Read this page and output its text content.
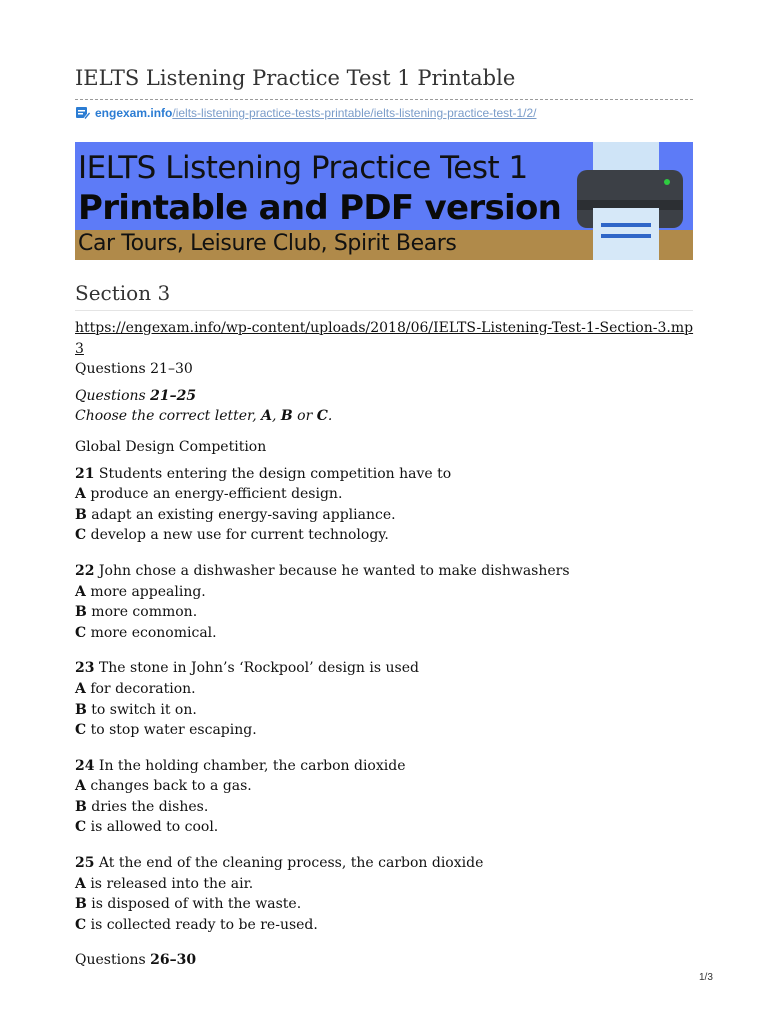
IELTS Listening Practice Test 1 Printable
engexam.info /ielts-listening-practice-tests-printable/ielts-listening-practice-test-1/2/
IELTS Listening Practice Test 1
Printable and PDF version
Car Tours, Leisure Club, Spirit Bears
Section 3

https://engexam.info/wp-content/uploads/2018/06/IELTS-Listening-Test-1-Section-3.mp3

Questions 21–30

Questions 21–25

Choose the correct letter, A, B or C.

Global Design Competition

21 Students entering the design competition have to

A produce an energy-efficient design.

B adapt an existing energy-saving appliance.

C develop a new use for current technology.

22 John chose a dishwasher because he wanted to make dishwashers

A more appealing.

B more common.

C more economical.

23 The stone in John’s ‘Rockpool’ design is used

A for decoration.

B to switch it on.

C to stop water escaping.

24 In the holding chamber, the carbon dioxide

A changes back to a gas.

B dries the dishes.

C is allowed to cool.

25 At the end of the cleaning process, the carbon dioxide

A is released into the air.

B is disposed of with the waste.

C is collected ready to be re-used.

Questions 26–30

1/3
